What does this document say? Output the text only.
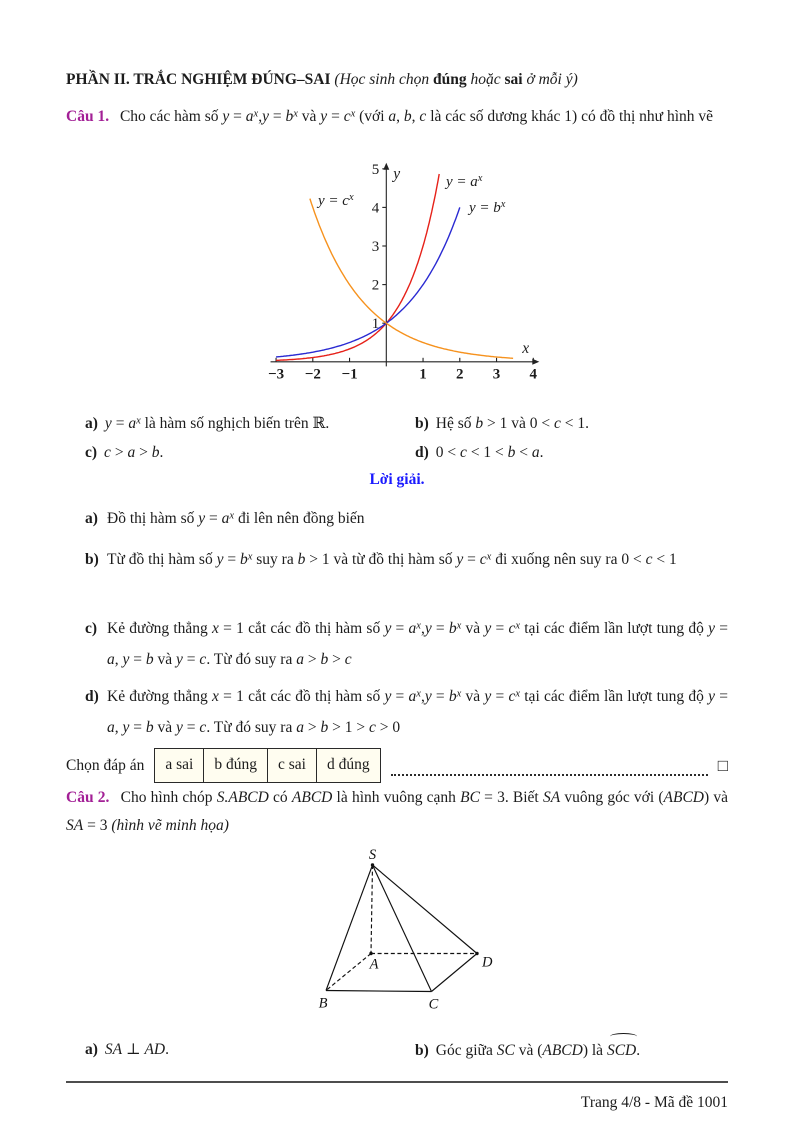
PHẦN II. TRẮC NGHIỆM ĐÚNG–SAI (Học sinh chọn đúng hoặc sai ở mỗi ý)
Câu 1. Cho các hàm số $y = a^x,y = b^x$ và $y = c^x$ (với a, b, c là các số dương khác 1) có đồ thị như hình vẽ
−3 −2 −1	1 2 3 4
1
2
3
4
5
x
y	$y = a^x$
$y = b^x$
$y = c^x$
a) $y = a^x$ là hàm số nghịch biến trên ℝ.	b) Hệ số b > 1 và 0 < c < 1.
c) c > a > b.	d) 0 < c < 1 < b < a.
Lời giải.
a) Đồ thị hàm số $y = a^x$ đi lên nên đồng biến
b) Từ đồ thị hàm số $y = b^x$ suy ra b > 1 và từ đồ thị hàm số $y = c^x$ đi xuống nên suy ra 0 < c < 1
c) Kẻ đường thẳng x = 1 cắt các đồ thị hàm số $y = a^x,y = b^x$ và $y = c^x$ tại các điểm lần lượt tung độ y = a, y = b và y = c. Từ đó suy ra a > b > c
d) Kẻ đường thẳng x = 1 cắt các đồ thị hàm số $y = a^x,y = b^x$ và $y = c^x$ tại các điểm lần lượt tung độ y = a, y = b và y = c. Từ đó suy ra a > b > 1 > c > 0
Chọn đáp án	a sai	b đúng	c sai	d đúng	□
Câu 2. Cho hình chóp S.ABCD có ABCD là hình vuông cạnh BC = 3. Biết SA vuông góc với (ABCD) và SA = 3 (hình vẽ minh họa)
S
A
B	C
D
a) SA ⊥ AD.	b) Góc giữa SC và (ABCD) là
SCD.
Trang 4/8 - Mã đề 1001
